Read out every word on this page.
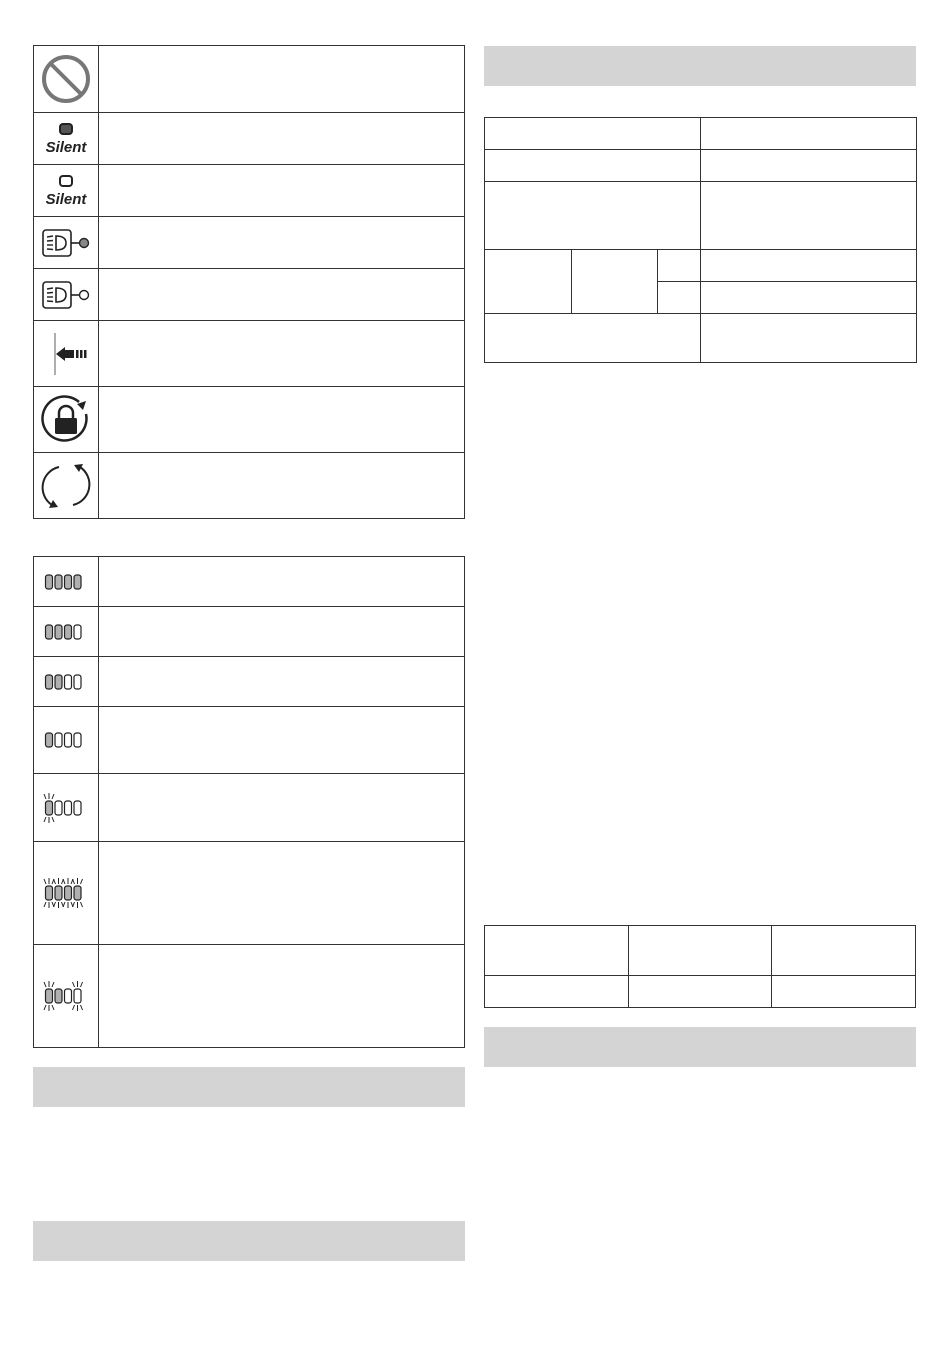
Silent	

Silent	
